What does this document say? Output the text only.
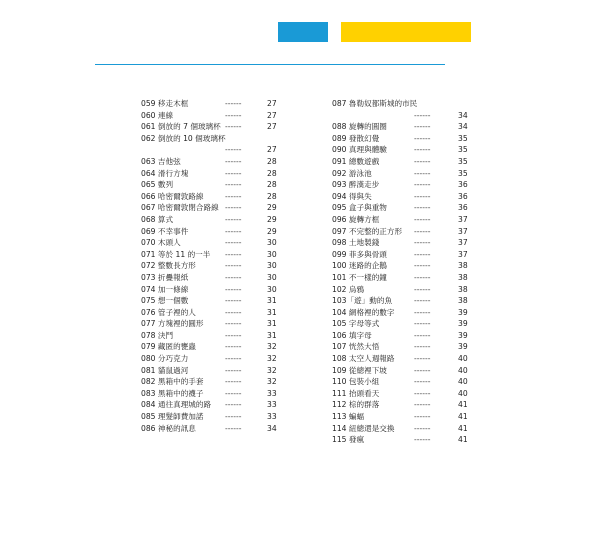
059 移走木框	------	27
060 連線	------	27
061 倒放的 7 個玻璃杯 ------	27
062 倒放的 10 個玻璃杯
------	27
063 吉他弦	------	28
064 滑行方塊	------	28
065 數列	------	28
066 哈密爾敦路線	------	28
067 哈密爾敦閉合路線 ------	29
068 算式	------	29
069 不幸事件	------	29
070 木頭人	------	30
071 等於 11 的一半 ------	30
072 整數長方形	------	30
073 折疊報紙	------	30
074 加一條線	------	30
075 想一個數	------	31
076 管子裡的人	------	31
077 方塊裡的圓形	------	31
078 決鬥	------	31
079 藏匿的甕蟲	------	32
080 分巧克力	------	32
081 貓鼠過河	------	32
082 黑箱中的手套	------	32
083 黑箱中的襪子	------	33
084 通往真理城的路 ------	33
085 理髮師費加諾	------	33
086 神秘的訊息	------	34
087 魯勒奴都斯城的市民
------	34
088 旋轉的圓圈	------	34
089 發散幻覺	------	35
090 真理與體驗	------	35
091 總數遊戲	------	35
092 游泳池	------	35
093 醉漢走步	------	36
094 得與失	------	36
095 盒子與重物	------	36
096 旋轉方框	------	37
097 不完整的正方形 ------	37
098 土地製錢	------	37
099 菲多與骨頭	------	37
100 迷路的企鵝	------	38
101 不一樣的鐘	------	38
102 烏鴉	------	38
103「遊」動的魚	------	38
104 網格裡的數字	------	39
105 字母等式	------	39
106 填字母	------	39
107 恍然大悟	------	39
108 太空人週報路	------	40
109 從總裡下坡	------	40
110 包裝小組	------	40
111 抬頭看天	------	40
112 棕的群落	------	41
113 蝙蝠	------	41
114 紐總還是交換	------	41
115 發瘋	------	41
